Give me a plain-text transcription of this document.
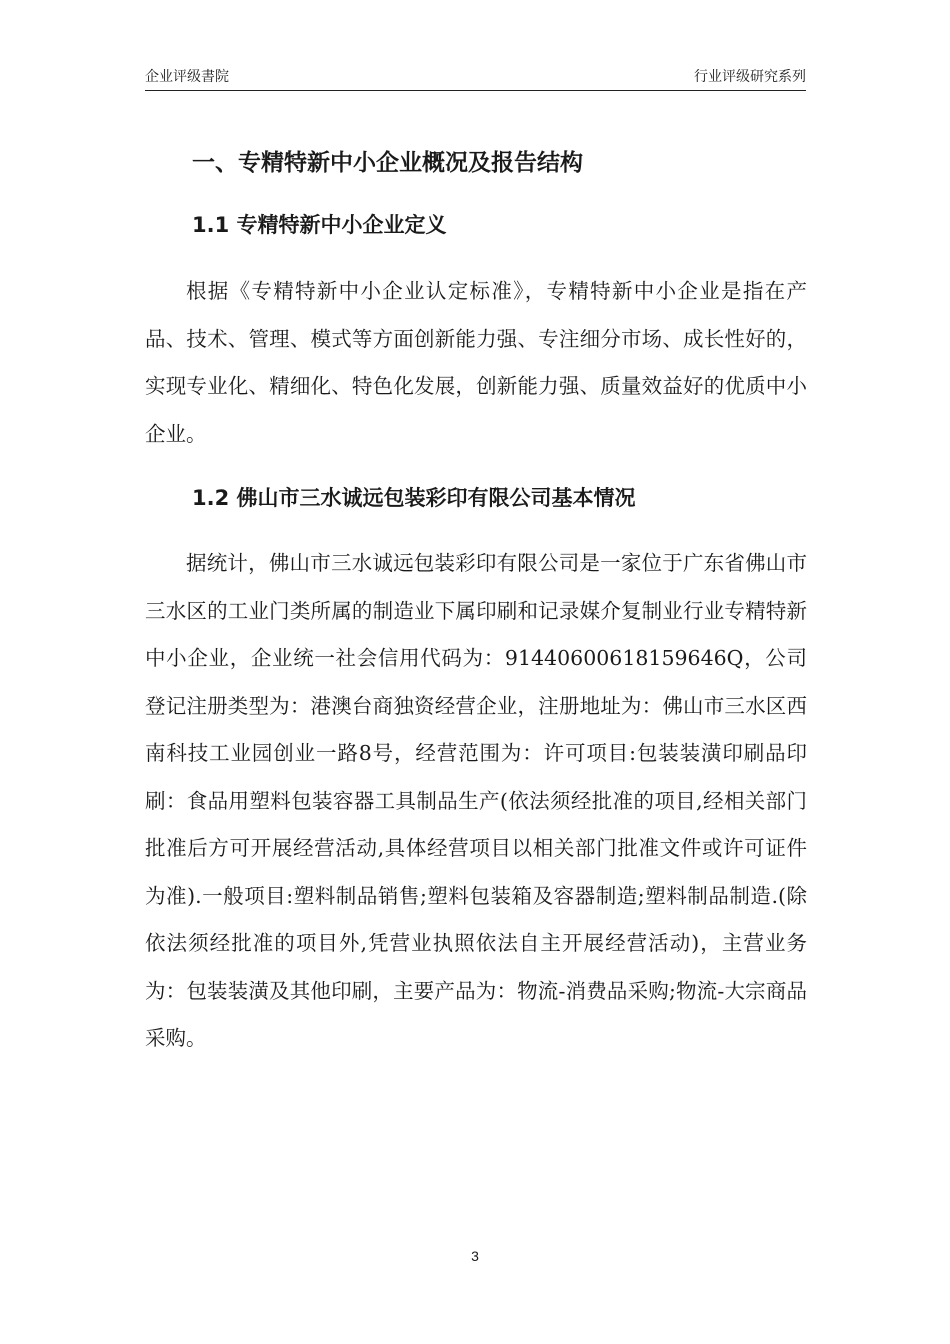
企业评级書院	行业评级研究系列
一、专精特新中小企业概况及报告结构
1.1 专精特新中小企业定义

根据《专精特新中小企业认定标准》，专精特新中小企业是指在产品、技术、管理、模式等方面创新能力强、专注细分市场、成长性好的，实现专业化、精细化、特色化发展，创新能力强、质量效益好的优质中小企业。

1.2 佛山市三水诚远包装彩印有限公司基本情况

据统计，佛山市三水诚远包装彩印有限公司是一家位于广东省佛山市三水区的工业门类所属的制造业下属印刷和记录媒介复制业行业专精特新中小企业，企业统一社会信用代码为：91440600618159646Q，公司登记注册类型为：港澳台商独资经营企业，注册地址为：佛山市三水区西南科技工业园创业一路8号，经营范围为：许可项目:包装装潢印刷品印刷：食品用塑料包装容器工具制品生产(依法须经批准的项目,经相关部门批准后方可开展经营活动,具体经营项目以相关部门批准文件或许可证件为准).一般项目:塑料制品销售;塑料包装箱及容器制造;塑料制品制造.(除依法须经批准的项目外,凭营业执照依法自主开展经营活动)，主营业务为：包装装潢及其他印刷，主要产品为：物流-消费品采购;物流-大宗商品采购。

3
